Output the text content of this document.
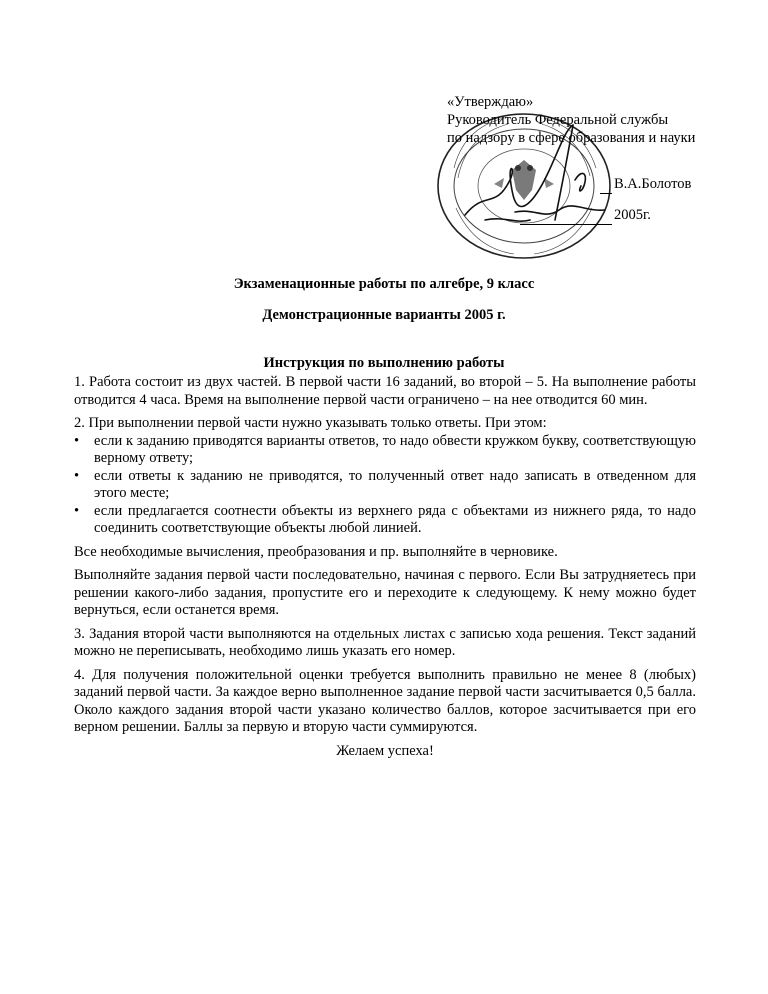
«Утверждаю»
Руководитель Федеральной службы
по надзору в сфере образования и науки
В.А.Болотов
2005г.
Экзаменационные работы по алгебре, 9 класс
Демонстрационные варианты 2005 г.
Инструкция по выполнению работы

1. Работа состоит из двух частей. В первой части 16 заданий, во второй – 5. На выполнение работы отводится 4 часа. Время на выполнение первой части ограничено – на нее отводится 60 мин.

2. При выполнении первой части нужно указывать только ответы. При этом:
•	если к заданию приводятся варианты ответов, то надо обвести кружком букву, соответствующую верному ответу;
•	если ответы к заданию не приводятся, то полученный ответ надо записать в отведенном для этого месте;
•	если предлагается соотнести объекты из верхнего ряда с объектами из нижнего ряда, то надо соединить соответствующие объекты любой линией.

Все необходимые вычисления, преобразования и пр. выполняйте в черновике.

Выполняйте задания первой части последовательно, начиная с первого. Если Вы затрудняетесь при решении какого-либо задания, пропустите его и переходите к следующему. К нему можно будет вернуться, если останется время.

3. Задания второй части выполняются на отдельных листах с записью хода решения. Текст заданий можно не переписывать, необходимо лишь указать его номер.

4. Для получения положительной оценки требуется выполнить правильно не менее 8 (любых) заданий первой части. За каждое верно выполненное задание первой части засчитывается 0,5 балла. Около каждого задания второй части указано количество баллов, которое засчитывается при его верном решении. Баллы за первую и вторую части суммируются.

Желаем успеха!
